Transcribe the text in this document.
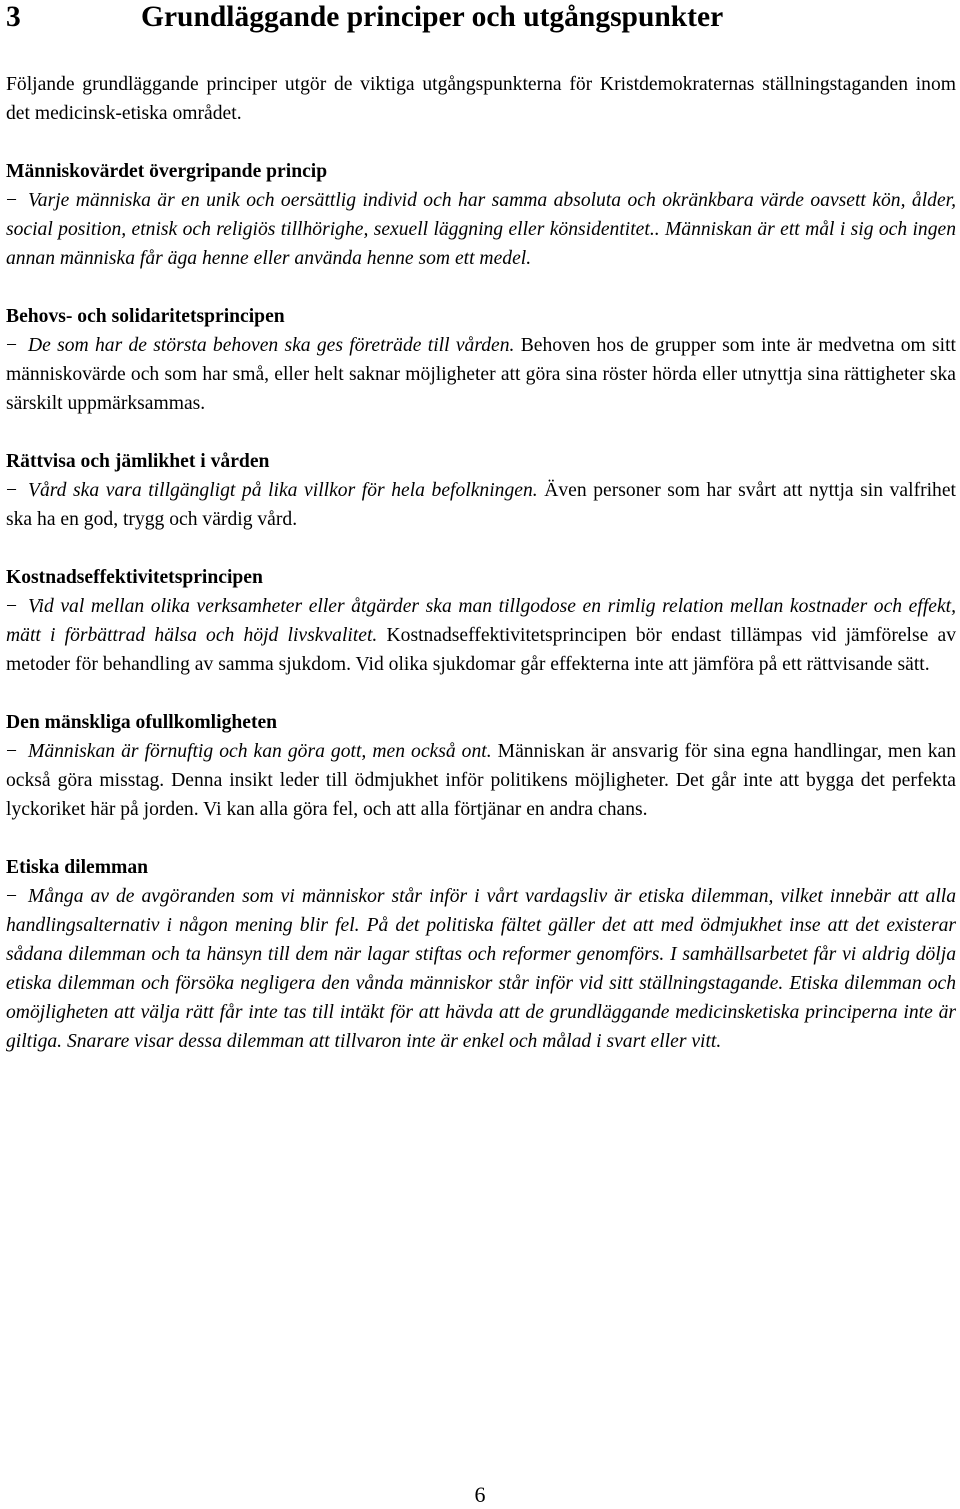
3	Grundläggande principer och utgångspunkter

Följande grundläggande principer utgör de viktiga utgångspunkterna för Kristdemokraternas ställningstaganden inom det medicinsk-etiska området.

Människovärdet övergripande princip

− Varje människa är en unik och oersättlig individ och har samma absoluta och okränkbara värde oavsett kön, ålder, social position, etnisk och religiös tillhörighe, sexuell läggning eller könsidentitet.. Människan är ett mål i sig och ingen annan människa får äga henne eller använda henne som ett medel.

Behovs- och solidaritetsprincipen

− De som har de största behoven ska ges företräde till vården. Behoven hos de grupper som inte är medvetna om sitt människovärde och som har små, eller helt saknar möjligheter att göra sina röster hörda eller utnyttja sina rättigheter ska särskilt uppmärksammas.

Rättvisa och jämlikhet i vården

− Vård ska vara tillgängligt på lika villkor för hela befolkningen. Även personer som har svårt att nyttja sin valfrihet ska ha en god, trygg och värdig vård.

Kostnadseffektivitetsprincipen

− Vid val mellan olika verksamheter eller åtgärder ska man tillgodose en rimlig relation mellan kostnader och effekt, mätt i förbättrad hälsa och höjd livskvalitet. Kostnadseffektivitetsprincipen bör endast tillämpas vid jämförelse av metoder för behandling av samma sjukdom. Vid olika sjukdomar går effekterna inte att jämföra på ett rättvisande sätt.

Den mänskliga ofullkomligheten

− Människan är förnuftig och kan göra gott, men också ont. Människan är ansvarig för sina egna handlingar, men kan också göra misstag. Denna insikt leder till ödmjukhet inför politikens möjligheter. Det går inte att bygga det perfekta lyckoriket här på jorden. Vi kan alla göra fel, och att alla förtjänar en andra chans.

Etiska dilemman

− Många av de avgöranden som vi människor står inför i vårt vardagsliv är etiska dilemman, vilket innebär att alla handlingsalternativ i någon mening blir fel. På det politiska fältet gäller det att med ödmjukhet inse att det existerar sådana dilemman och ta hänsyn till dem när lagar stiftas och reformer genomförs. I samhällsarbetet får vi aldrig dölja etiska dilemman och försöka negligera den vånda människor står inför vid sitt ställningstagande. Etiska dilemman och omöjligheten att välja rätt får inte tas till intäkt för att hävda att de grundläggande medicinsketiska principerna inte är giltiga. Snarare visar dessa dilemman att tillvaron inte är enkel och målad i svart eller vitt.

6
